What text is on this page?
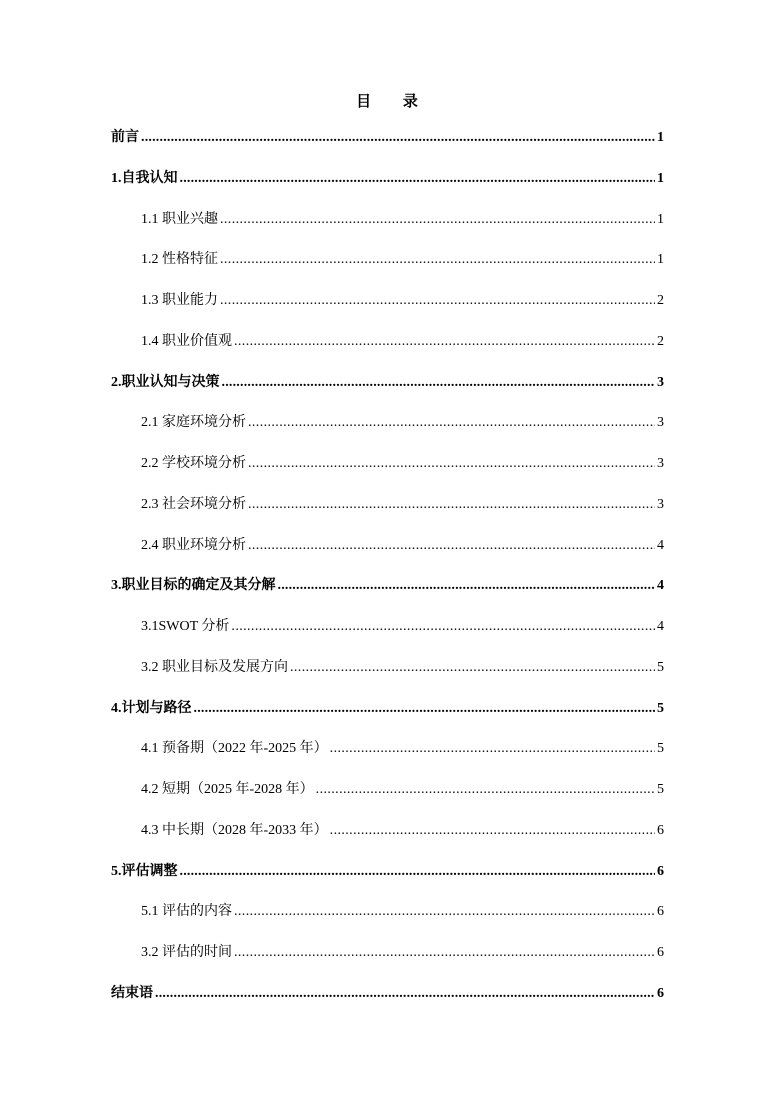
目 录
前言 .....	1
1.自我认知 .....	1
1.1 职业兴趣 .....	1
1.2 性格特征 .....	1
1.3 职业能力 .....	2
1.4 职业价值观 .....	2
2.职业认知与决策 .....	3
2.1 家庭环境分析 .....	3
2.2 学校环境分析 .....	3
2.3 社会环境分析 .....	3
2.4 职业环境分析 .....	4
3.职业目标的确定及其分解 .....	4
3.1SWOT 分析 .....	4
3.2 职业目标及发展方向 .....	5
4.计划与路径 .....	5
4.1 预备期（2022 年-2025 年） .....	5
4.2 短期（2025 年-2028 年） .....	5
4.3 中长期（2028 年-2033 年） .....	6
5.评估调整 .....	6
5.1 评估的内容 .....	6
3.2 评估的时间 .....	6
结束语 .....	6
